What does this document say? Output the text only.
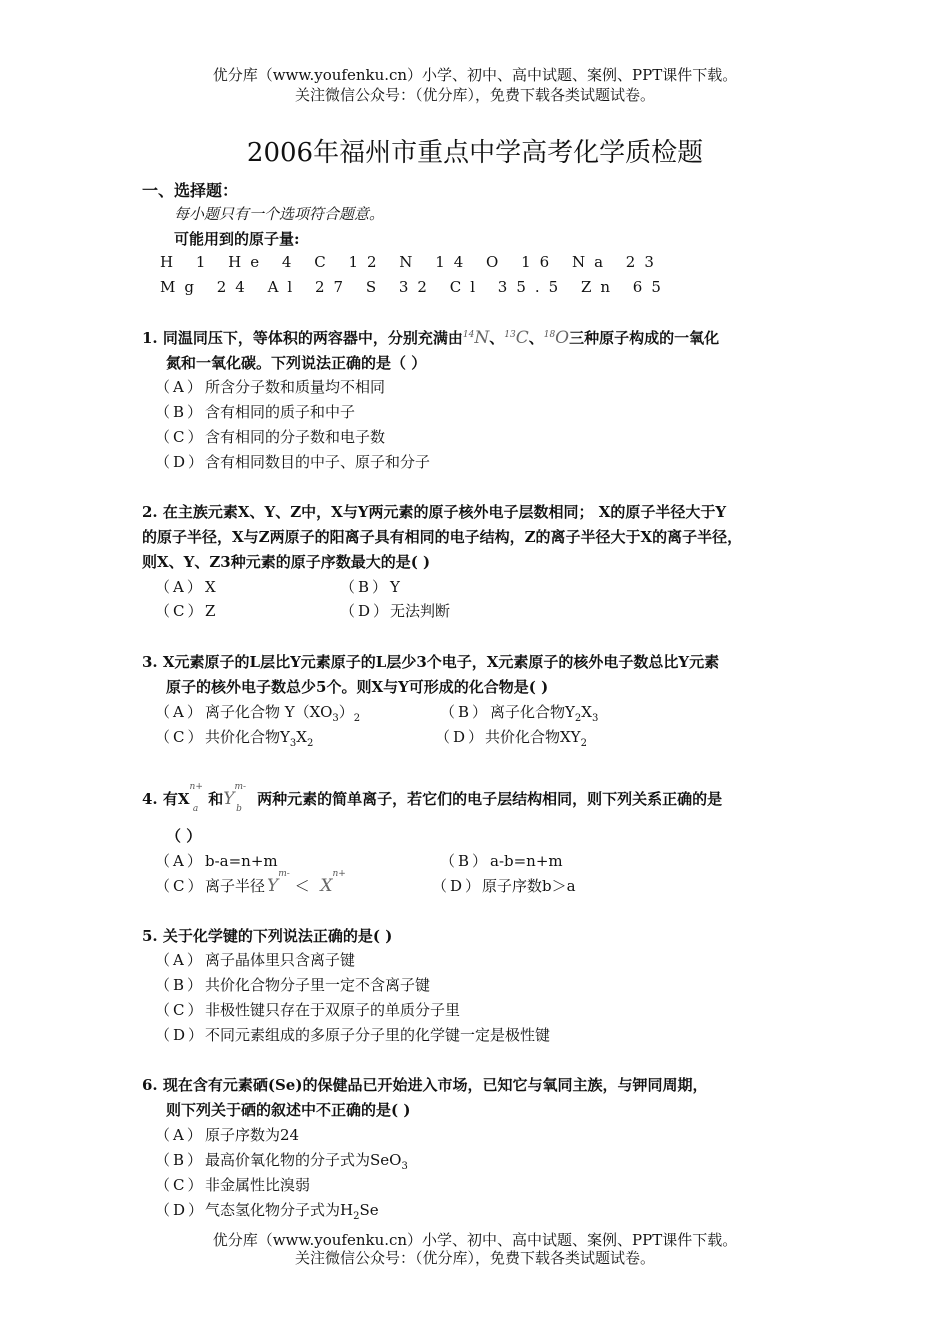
优分库（www.youfenku.cn）小学、初中、高中试题、案例、PPT课件下载。
关注微信公众号：（优分库），免费下载各类试题试卷。
2006年福州市重点中学高考化学质检题
一、选择题：
每小题只有一个选项符合题意。
可能用到的原子量:
H 1 He 4 C 12 N 14 O 16 Na 23
Mg 24 Al 27 S 32 Cl 35.5 Zn 65
1. 同温同压下，等体积的两容器中，分别充满由$^{14}$N、$^{13}$C、$^{18}$O三种原子构成的一氧化
氮和一氧化碳。下列说法正确的是（ ）
（A）所含分子数和质量均不相同
（B）含有相同的质子和中子
（C）含有相同的分子数和电子数
（D）含有相同数目的中子、原子和分子
2. 在主族元素X、Y、Z中，X与Y两元素的原子核外电子层数相同； X的原子半径大于Y
的原子半径，X与Z两原子的阳离子具有相同的电子结构，Z的离子半径大于X的离子半径，
则X、Y、Z3种元素的原子序数最大的是( )
（A）X	（B）Y
（C）Z	（D）无法判断
3. X元素原子的L层比Y元素原子的L层少3个电子，X元素原子的核外电子数总比Y元素
原子的核外电子数总少5个。则X与Y可形成的化合物是( )
（A）离子化合物 $Y(XO_3)_2$	（B）离子化合物$Y_2X_3$
（C）共价化合物$Y_3X_2$	（D）共价化合物$XY_2$
4. 有$X^{n+}_a$和$Y^{m-}_b$ 两种元素的简单离子，若它们的电子层结构相同，则下列关系正确的是
（ ）
（A）b-a=n+m	（B）a-b=n+m
（C）离子半径 $Y^{m-} < X^{n+}$
（D）原子序数b＞a
5. 关于化学键的下列说法正确的是( )
（A）离子晶体里只含离子键
（B）共价化合物分子里一定不含离子键
（C）非极性键只存在于双原子的单质分子里
（D）不同元素组成的多原子分子里的化学键一定是极性键
6. 现在含有元素硒(Se)的保健品已开始进入市场，已知它与氧同主族，与钾同周期，
则下列关于硒的叙述中不正确的是( )
（A）原子序数为24
（B）最高价氧化物的分子式为SeO$_3$
（C）非金属性比溴弱
（D）气态氢化物分子式为$H_2Se$
优分库（www.youfenku.cn）小学、初中、高中试题、案例、PPT课件下载。
关注微信公众号：（优分库），免费下载各类试题试卷。
